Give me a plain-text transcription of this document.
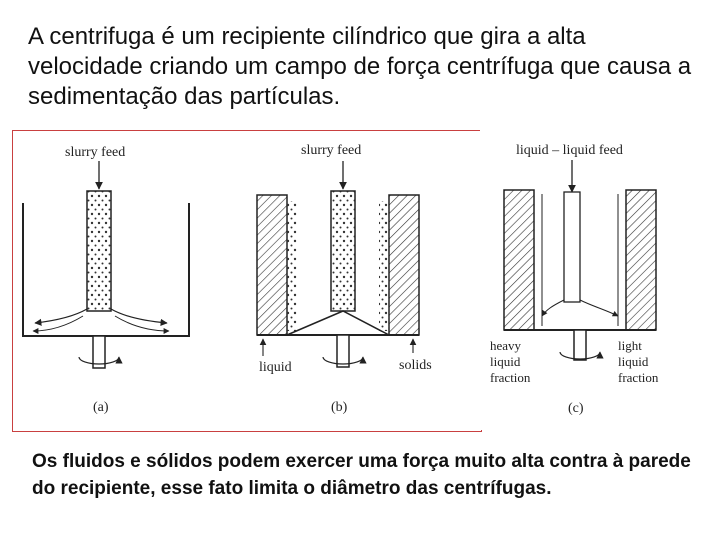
A centrifuga é um recipiente cilíndrico que gira a alta velocidade criando um campo de força centrífuga que causa a sedimentação das partículas.
slurry feed
(a)
slurry feed
liquid	solids
(b)
liquid – liquid feed
heavy
liquid
fraction
light
liquid
fraction
(c)
Os fluidos e sólidos podem exercer uma força muito alta contra à parede do recipiente, esse fato limita o diâmetro das centrífugas.
